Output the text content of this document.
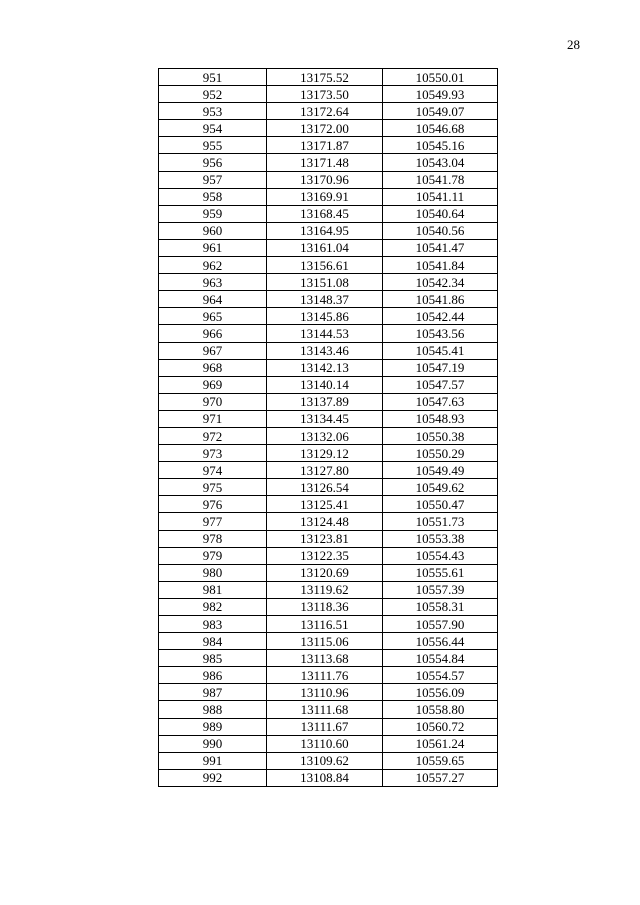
28
951	13175.52	10550.01
952	13173.50	10549.93
953	13172.64	10549.07
954	13172.00	10546.68
955	13171.87	10545.16
956	13171.48	10543.04
957	13170.96	10541.78
958	13169.91	10541.11
959	13168.45	10540.64
960	13164.95	10540.56
961	13161.04	10541.47
962	13156.61	10541.84
963	13151.08	10542.34
964	13148.37	10541.86
965	13145.86	10542.44
966	13144.53	10543.56
967	13143.46	10545.41
968	13142.13	10547.19
969	13140.14	10547.57
970	13137.89	10547.63
971	13134.45	10548.93
972	13132.06	10550.38
973	13129.12	10550.29
974	13127.80	10549.49
975	13126.54	10549.62
976	13125.41	10550.47
977	13124.48	10551.73
978	13123.81	10553.38
979	13122.35	10554.43
980	13120.69	10555.61
981	13119.62	10557.39
982	13118.36	10558.31
983	13116.51	10557.90
984	13115.06	10556.44
985	13113.68	10554.84
986	13111.76	10554.57
987	13110.96	10556.09
988	13111.68	10558.80
989	13111.67	10560.72
990	13110.60	10561.24
991	13109.62	10559.65
992	13108.84	10557.27
